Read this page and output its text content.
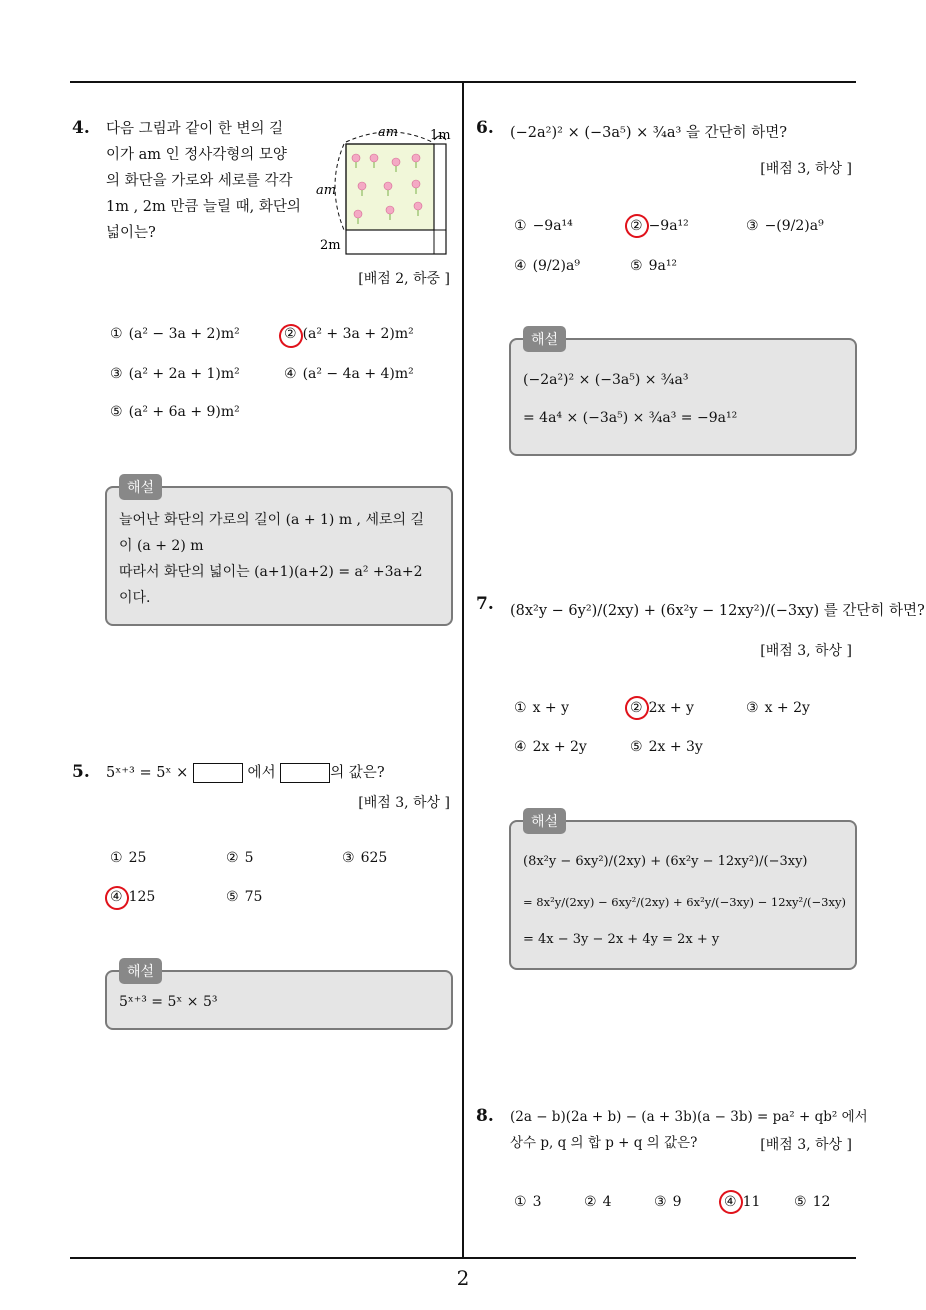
2
4. 다음 그림과 같이 한 변의 길
이가 am 인 정사각형의 모양
의 화단을 가로와 세로를 각각
1m , 2m 만큼 늘릴 때, 화단의
넓이는?
am 1m
am
2m
[배점 2, 하중 ]
① (a² − 3a + 2)m²	② (a² + 3a + 2)m²
③ (a² + 2a + 1)m²	④ (a² − 4a + 4)m²
⑤ (a² + 6a + 9)m²
해설
늘어난 화단의 가로의 길이 (a + 1) m , 세로의 길
이 (a + 2) m
따라서 화단의 넓이는 (a+1)(a+2) = a² +3a+2
이다.
5. 5ˣ⁺³ = 5ˣ ×	에서	의 값은?
[배점 3, 하상 ]
① 25	② 5	③ 625
④ 125	⑤ 75
해설
5ˣ⁺³ = 5ˣ × 5³
6. (−2a²)² × (−3a⁵) × ¾a³ 을 간단히 하면?
[배점 3, 하상 ]
① −9a¹⁴	② −9a¹²	③ −(9/2)a⁹
④ (9/2)a⁹	⑤ 9a¹²
해설
(−2a²)² × (−3a⁵) × ¾a³
= 4a⁴ × (−3a⁵) × ¾a³ = −9a¹²
7. (8x²y − 6y²)/(2xy) + (6x²y − 12xy²)/(−3xy) 를 간단히 하면?
[배점 3, 하상 ]
① x + y	② 2x + y	③ x + 2y
④ 2x + 2y	⑤ 2x + 3y
해설
(8x²y − 6xy²)/(2xy) + (6x²y − 12xy²)/(−3xy)
= 8x²y/(2xy) − 6xy²/(2xy) + 6x²y/(−3xy) − 12xy²/(−3xy)
= 4x − 3y − 2x + 4y = 2x + y
8. (2a − b)(2a + b) − (a + 3b)(a − 3b) = pa² + qb² 에서
상수 p, q 의 합 p + q 의 값은?	[배점 3, 하상 ]
① 3	② 4	③ 9	④ 11 ⑤ 12
